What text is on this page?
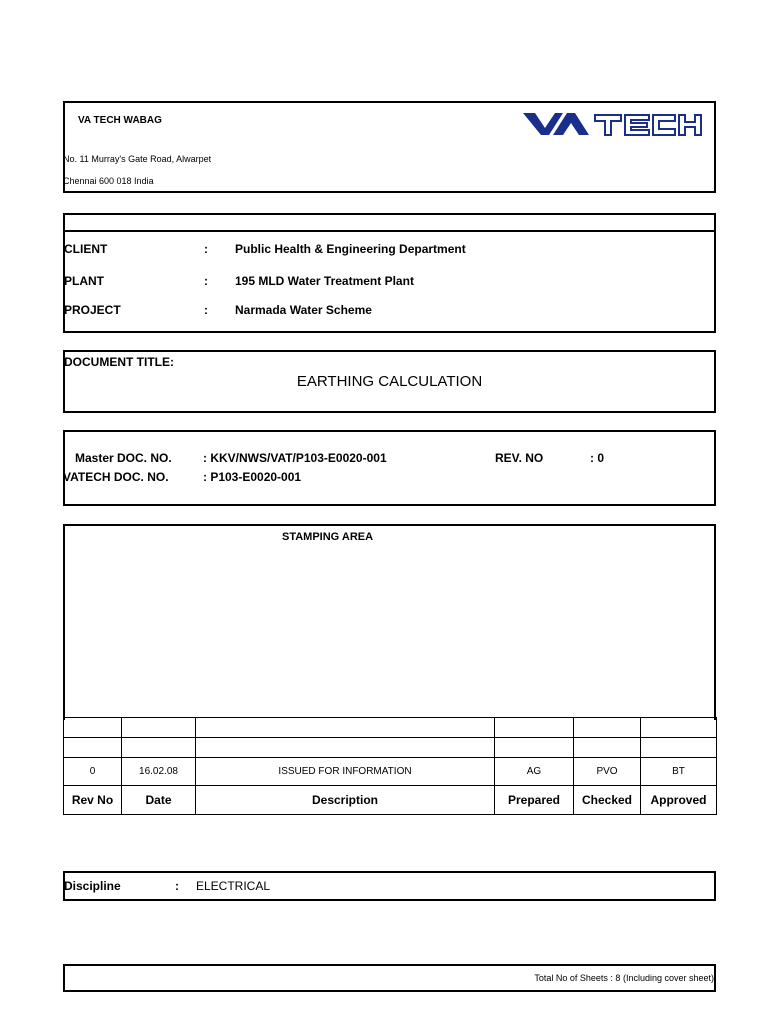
VA TECH WABAG
No. 11 Murray's Gate Road, Alwarpet
Chennai 600 018 India
CLIENT	: Public Health & Engineering Department
PLANT	: 195 MLD Water Treatment Plant
PROJECT	: Narmada Water Scheme
DOCUMENT TITLE:
EARTHING CALCULATION
Master DOC. NO.	: KKV/NWS/VAT/P103-E0020-001	REV. NO	: 0
VATECH DOC. NO.	: P103-E0020-001
STAMPING AREA

0	16.02.08	ISSUED FOR INFORMATION	AG	PVO	BT
Rev No	Date	Description	Prepared	Checked	Approved
Discipline	: ELECTRICAL
Total No of Sheets : 8 (Including cover sheet)
